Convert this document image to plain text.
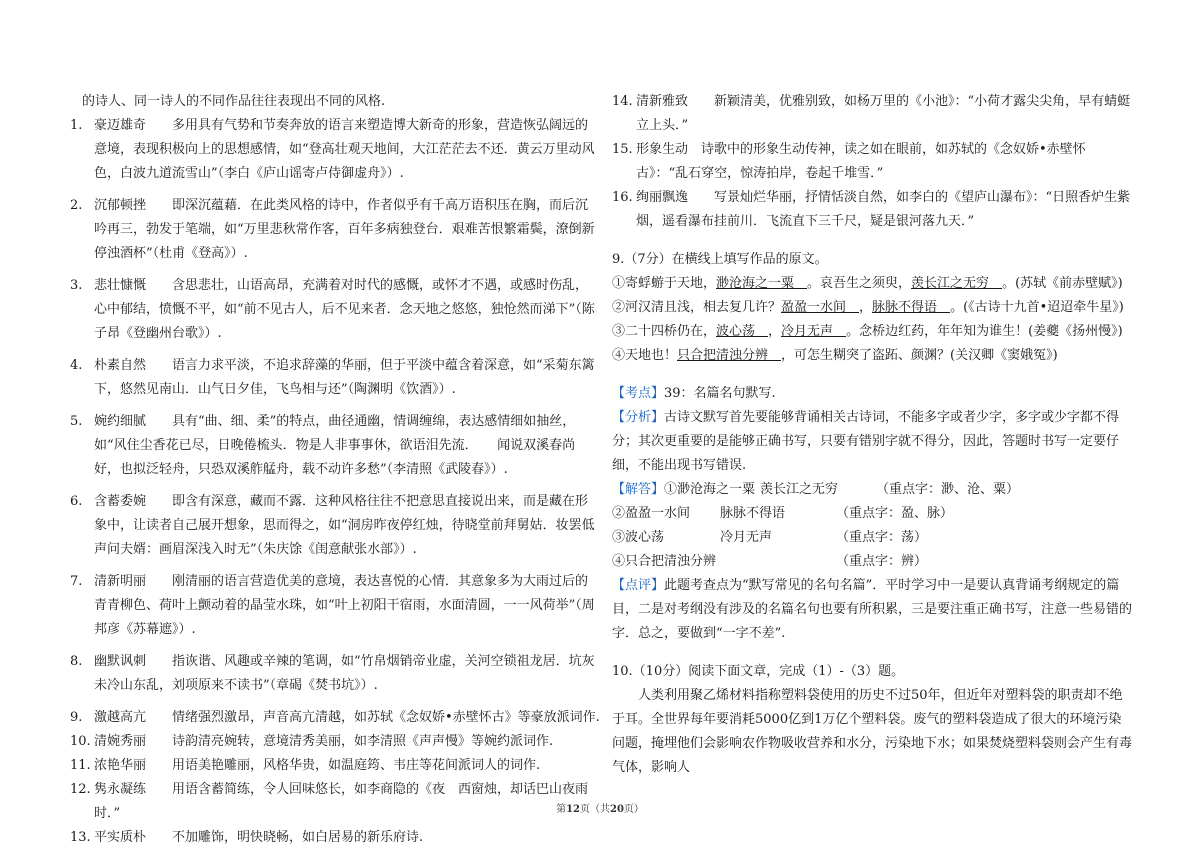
的诗人、同一诗人的不同作品往往表现出不同的风格.

1. 豪迈雄奇　　多用具有气势和节奏奔放的语言来塑造博大新奇的形象，营造恢弘阔远的意境，表现积极向上的思想感情，如“登高壮观天地间，大江茫茫去不还．黄云万里动风色，白波九道流雪山”（李白《庐山谣寄卢侍御虚舟》）.
2. 沉郁顿挫　　即深沉蕴藉．在此类风格的诗中，作者似乎有千高万语积压在胸，而后沉吟再三，勃发于笔端，如“万里悲秋常作客，百年多病独登台．艰难苦恨繁霜鬓，潦倒新停浊酒杯”（杜甫《登高》）.
3. 悲壮慷慨　　含思悲壮，山语高昂，充满着对时代的感慨，或怀才不遇，或感时伤乱，心中郁结，愤慨不平，如“前不见古人，后不见来者．念天地之悠悠，独怆然而涕下”（陈子昂《登幽州台歌》）.
4. 朴素自然　　语言力求平淡，不追求辞藻的华丽，但于平淡中蕴含着深意，如“采菊东篱下，悠然见南山．山气日夕佳，飞鸟相与还”（陶渊明《饮酒》）.
5. 婉约细腻　　具有“曲、细、柔”的特点，曲径通幽，情调缠绵，表达感情细如抽丝，如“风住尘香花已尽，日晚倦梳头．物是人非事事休，欲语泪先流．　　闻说双溪春尚好，也拟泛轻舟，只恐双溪舴艋舟，载不动许多愁”（李清照《武陵春》）.
6. 含蓄委婉　　即含有深意，藏而不露．这种风格往往不把意思直接说出来，而是藏在形象中，让读者自己展开想象，思而得之，如“洞房昨夜停红烛，待晓堂前拜舅姑．妆罢低声问夫婿：画眉深浅入时无”（朱庆馀《闺意献张水部》）.
7. 清新明丽　　刚清丽的语言营造优美的意境，表达喜悦的心情．其意象多为大雨过后的青青柳色、荷叶上颤动着的晶莹水珠，如“叶上初阳干宿雨，水面清圆，一一风荷举”（周邦彦《苏幕遮》）.
8. 幽默讽刺　　指诙谐、风趣或辛辣的笔调，如“竹帛烟销帝业虚，关河空锁祖龙居．坑灰未冷山东乱，刘项原来不读书”（章碣《焚书坑》）.
9. 激越高亢　　情绪强烈激昂，声音高亢清越，如苏轼《念奴娇•赤壁怀古》等豪放派词作.
10. 清婉秀丽　　诗韵清亮婉转，意境清秀美丽，如李清照《声声慢》等婉约派词作.
11. 浓艳华丽　　用语美艳雕丽，风格华贵，如温庭筠、韦庄等花间派词人的词作.
12. 隽永凝练　　用语含蓄简练，令人回味悠长，如李商隐的《夜　西窗烛，却话巴山夜雨时．”
13. 平实质朴　　不加雕饰，明快晓畅，如白居易的新乐府诗.
14. 清新雅致　　新颖清美，优雅别致，如杨万里的《小池》：“小荷才露尖尖角，早有蜻蜓立上头．”
15. 形象生动　诗歌中的形象生动传神，读之如在眼前，如苏轼的《念奴娇•赤壁怀古》：“乱石穿空，惊涛拍岸，卷起千堆雪．”
16. 绚丽飘逸　　写景灿烂华丽，抒情恬淡自然，如李白的《望庐山瀑布》：“日照香炉生紫烟，遥看瀑布挂前川．飞流直下三千尺，疑是银河落九天．”

9.（7分）在横线上填写作品的原文。

①寄蜉蝣于天地，渺沧海之一粟　。哀吾生之须臾，羡长江之无穷　。(苏轼《前赤壁赋》)

②河汉清且浅，相去复几许？盈盈一水间　，脉脉不得语　。(《古诗十九首•迢迢牵牛星》)

③二十四桥仍在，波心荡　，冷月无声　。念桥边红药，年年知为谁生！(姜夔《扬州慢》)

④天地也！只合把清浊分辨　，可怎生糊突了盗跖、颜渊？(关汉卿《窦娥冤》)

【考点】39：名篇名句默写.

【分析】古诗文默写首先要能够背诵相关古诗词，不能多字或者少字，多字或少字都不得分；其次更重要的是能够正确书写，只要有错别字就不得分，因此，答题时书写一定要仔细，不能出现书写错误.

【解答】 ①渺沧海之一粟 羡长江之无穷	（重点字：渺、沧、粟）
②盈盈一水间	脉脉不得语	（重点字：盈、脉）
③波心荡	冷月无声	（重点字：荡）
④只合把清浊分辨	（重点字：辨）

【点评】此题考查点为“默写常见的名句名篇”．平时学习中一是要认真背诵考纲规定的篇目，二是对考纲没有涉及的名篇名句也要有所积累，三是要注重正确书写，注意一些易错的字．总之，要做到“一字不差”.

10.（10分）阅读下面文章，完成（1）-（3）题。

人类利用聚乙烯材料指称塑料袋使用的历史不过50年，但近年对塑料袋的职责却不绝于耳。全世界每年要消耗5000亿到1万亿个塑料袋。废气的塑料袋造成了很大的环境污染问题，掩埋他们会影响农作物吸收营养和水分，污染地下水；如果焚烧塑料袋则会产生有毒气体，影响人

第12页（共20页）
